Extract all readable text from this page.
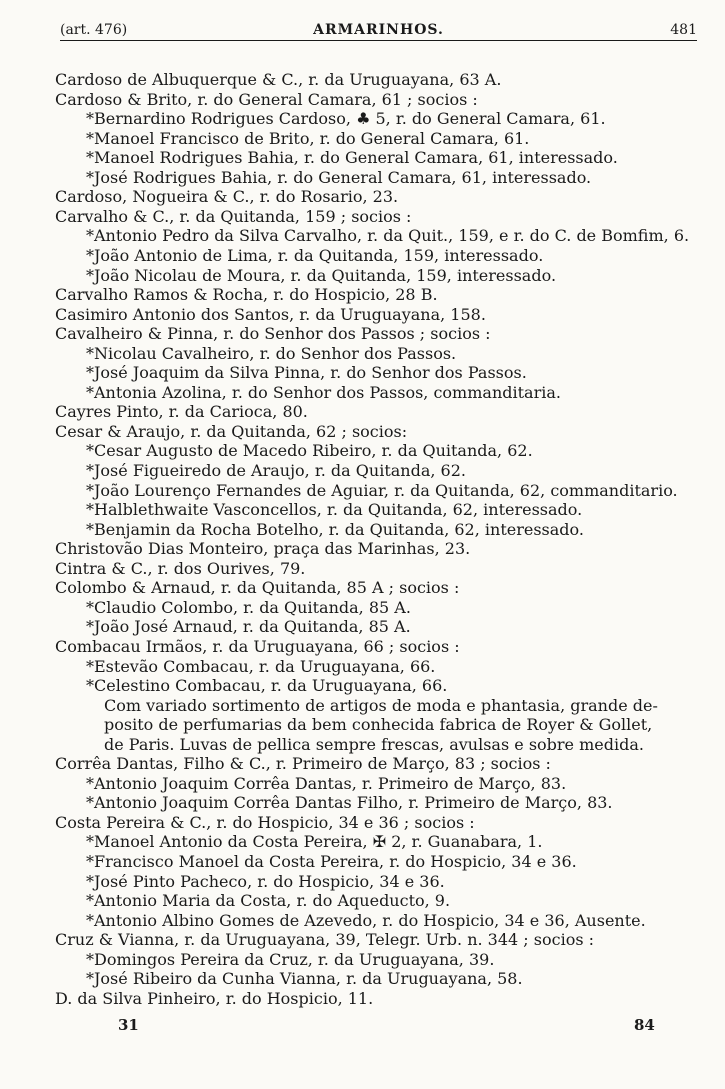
(art. 476)	ARMARINHOS.	481
Cardoso de Albuquerque & C., r. da Uruguayana, 63 A.
Cardoso & Brito, r. do General Camara, 61 ; socios :
*Bernardino Rodrigues Cardoso, ♣ 5, r. do General Camara, 61.
*Manoel Francisco de Brito, r. do General Camara, 61.
*Manoel Rodrigues Bahia, r. do General Camara, 61, interessado.
*José Rodrigues Bahia, r. do General Camara, 61, interessado.
Cardoso, Nogueira & C., r. do Rosario, 23.
Carvalho & C., r. da Quitanda, 159 ; socios :
*Antonio Pedro da Silva Carvalho, r. da Quit., 159, e r. do C. de Bomfim, 6.
*João Antonio de Lima, r. da Quitanda, 159, interessado.
*João Nicolau de Moura, r. da Quitanda, 159, interessado.
Carvalho Ramos & Rocha, r. do Hospicio, 28 B.
Casimiro Antonio dos Santos, r. da Uruguayana, 158.
Cavalheiro & Pinna, r. do Senhor dos Passos ; socios :
*Nicolau Cavalheiro, r. do Senhor dos Passos.
*José Joaquim da Silva Pinna, r. do Senhor dos Passos.
*Antonia Azolina, r. do Senhor dos Passos, commanditaria.
Cayres Pinto, r. da Carioca, 80.
Cesar & Araujo, r. da Quitanda, 62 ; socios:
*Cesar Augusto de Macedo Ribeiro, r. da Quitanda, 62.
*José Figueiredo de Araujo, r. da Quitanda, 62.
*João Lourenço Fernandes de Aguiar, r. da Quitanda, 62, commanditario.
*Halblethwaite Vasconcellos, r. da Quitanda, 62, interessado.
*Benjamin da Rocha Botelho, r. da Quitanda, 62, interessado.
Christovão Dias Monteiro, praça das Marinhas, 23.
Cintra & C., r. dos Ourives, 79.
Colombo & Arnaud, r. da Quitanda, 85 A ; socios :
*Claudio Colombo, r. da Quitanda, 85 A.
*João José Arnaud, r. da Quitanda, 85 A.
Combacau Irmãos, r. da Uruguayana, 66 ; socios :
*Estevão Combacau, r. da Uruguayana, 66.
*Celestino Combacau, r. da Uruguayana, 66.
Com variado sortimento de artigos de moda e phantasia, grande de-
posito de perfumarias da bem conhecida fabrica de Royer & Gollet,
de Paris. Luvas de pellica sempre frescas, avulsas e sobre medida.
Corrêa Dantas, Filho & C., r. Primeiro de Março, 83 ; socios :
*Antonio Joaquim Corrêa Dantas, r. Primeiro de Março, 83.
*Antonio Joaquim Corrêa Dantas Filho, r. Primeiro de Março, 83.
Costa Pereira & C., r. do Hospicio, 34 e 36 ; socios :
*Manoel Antonio da Costa Pereira, ✠ 2, r. Guanabara, 1.
*Francisco Manoel da Costa Pereira, r. do Hospicio, 34 e 36.
*José Pinto Pacheco, r. do Hospicio, 34 e 36.
*Antonio Maria da Costa, r. do Aqueducto, 9.
*Antonio Albino Gomes de Azevedo, r. do Hospicio, 34 e 36, Ausente.
Cruz & Vianna, r. da Uruguayana, 39, Telegr. Urb. n. 344 ; socios :
*Domingos Pereira da Cruz, r. da Uruguayana, 39.
*José Ribeiro da Cunha Vianna, r. da Uruguayana, 58.
D. da Silva Pinheiro, r. do Hospicio, 11.
31	84
